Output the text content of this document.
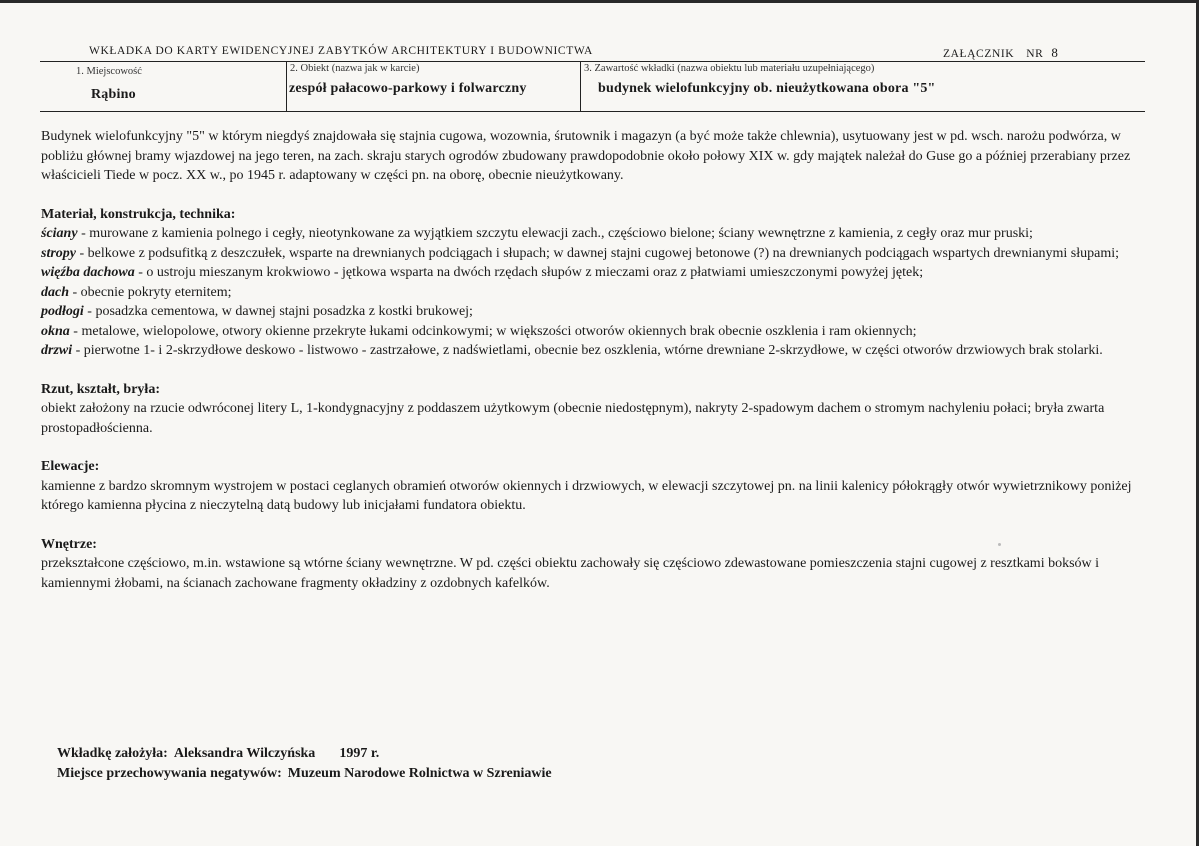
WKŁADKA DO KARTY EWIDENCYJNEJ ZABYTKÓW ARCHITEKTURY I BUDOWNICTWA	ZAŁĄCZNIK NR 8
1. Miejscowość
Rąbino
2. Obiekt (nazwa jak w karcie)
zespół pałacowo-parkowy i folwarczny
3. Zawartość wkładki (nazwa obiektu lub materiału uzupełniającego)
budynek wielofunkcyjny ob. nieużytkowana obora "5"

Budynek wielofunkcyjny "5" w którym niegdyś znajdowała się stajnia cugowa, wozownia, śrutownik i magazyn (a być może także chlewnia), usytuowany jest w pd. wsch. narożu podwórza, w pobliżu głównej bramy wjazdowej na jego teren, na zach. skraju starych ogrodów zbudowany prawdopodobnie około połowy XIX w. gdy majątek należał do Guse go a później przerabiany przez właścicieli Tiede w pocz. XX w., po 1945 r. adaptowany w części pn. na oborę, obecnie nieużytkowany.

Materiał, konstrukcja, technika:

ściany - murowane z kamienia polnego i cegły, nieotynkowane za wyjątkiem szczytu elewacji zach., częściowo bielone; ściany wewnętrzne z kamienia, z cegły oraz mur pruski;

stropy - belkowe z podsufitką z deszczułek, wsparte na drewnianych podciągach i słupach; w dawnej stajni cugowej betonowe (?) na drewnianych podciągach wspartych drewnianymi słupami;

więźba dachowa - o ustroju mieszanym krokwiowo - jętkowa wsparta na dwóch rzędach słupów z mieczami oraz z płatwiami umieszczonymi powyżej jętek;

dach - obecnie pokryty eternitem;

podłogi - posadzka cementowa, w dawnej stajni posadzka z kostki brukowej;

okna - metalowe, wielopolowe, otwory okienne przekryte łukami odcinkowymi; w większości otworów okiennych brak obecnie oszklenia i ram okiennych;

drzwi - pierwotne 1- i 2-skrzydłowe deskowo - listwowo - zastrzałowe, z nadświetlami, obecnie bez oszklenia, wtórne drewniane 2-skrzydłowe, w części otworów drzwiowych brak stolarki.

Rzut, kształt, bryła:

obiekt założony na rzucie odwróconej litery L, 1-kondygnacyjny z poddaszem użytkowym (obecnie niedostępnym), nakryty 2-spadowym dachem o stromym nachyleniu połaci; bryła zwarta prostopadłościenna.

Elewacje:

kamienne z bardzo skromnym wystrojem w postaci ceglanych obramień otworów okiennych i drzwiowych, w elewacji szczytowej pn. na linii kalenicy półokrągły otwór wywietrznikowy poniżej którego kamienna płycina z nieczytelną datą budowy lub inicjałami fundatora obiektu.

Wnętrze:

przekształcone częściowo, m.in. wstawione są wtórne ściany wewnętrzne. W pd. części obiektu zachowały się częściowo zdewastowane pomieszczenia stajni cugowej z resztkami boksów i kamiennymi żłobami, na ścianach zachowane fragmenty okładziny z ozdobnych kafelków.

Wkładkę założyła: Aleksandra Wilczyńska 1997 r.
Miejsce przechowywania negatywów: Muzeum Narodowe Rolnictwa w Szreniawie
